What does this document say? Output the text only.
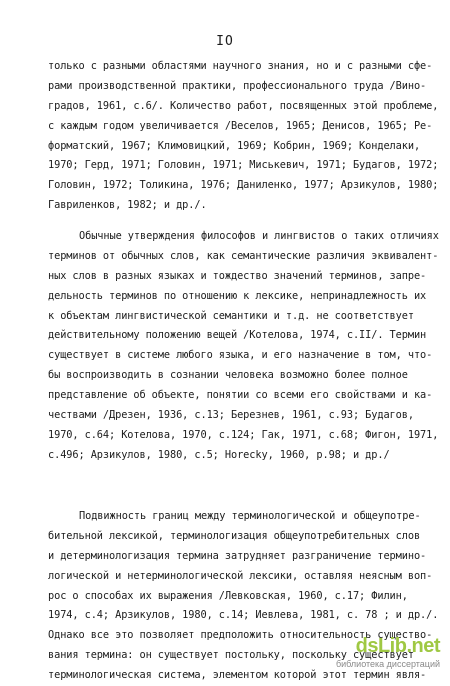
IO
только с разными областями научного знания, но и с разными сфе-
рами производственной практики, профессионального труда /Вино-
градов, 1961, с.6/. Количество работ, посвященных этой проблеме,
с каждым годом увеличивается /Веселов, 1965; Денисов, 1965; Ре-
форматский, 1967; Климовицкий, 1969; Кобрин, 1969; Конделаки,
1970; Герд, 1971; Головин, 1971; Миськевич, 1971; Будагов, 1972;
Головин, 1972; Толикина, 1976; Даниленко, 1977; Арзикулов, 1980;
Гавриленков, 1982; и др./.
Обычные утверждения философов и лингвистов о таких отличиях
терминов от обычных слов, как семантические различия эквивалент-
ных слов в разных языках и тождество значений терминов, запре-
дельность терминов по отношению к лексике, непринадлежность их
к объектам лингвистической семантики и т.д. не соответствует
действительному положению вещей /Котелова, 1974, с.II/. Термин
существует в системе любого языка, и его назначение в том, что-
бы воспроизводить в сознании человека возможно более полное
представление об объекте, понятии со всеми его свойствами и ка-
чествами /Дрезен, 1936, с.13; Березнев, 1961, с.93; Будагов,
1970, с.64; Котелова, 1970, с.124; Гак, 1971, с.68; Фигон, 1971,
с.496; Арзикулов, 1980, с.5; Horecky, 1960, p.98; и др./
Подвижность границ между терминологической и общеупотре-
бительной лексикой, терминологизация общеупотребительных слов
и детерминологизация термина затрудняет разграничение термино-
логической и нетерминологической лексики, оставляя неясным воп-
рос о способах их выражения /Левковская, 1960, с.17; Филин,
1974, с.4; Арзикулов, 1980, с.14; Иевлева, 1981, с. 78 ; и др./.
Однако все это позволяет предположить относительность существо-
вания термина: он существует постольку, поскольку существует
терминологическая система, элементом которой этот термин явля-
dsLib.net
библиотека диссертаций
